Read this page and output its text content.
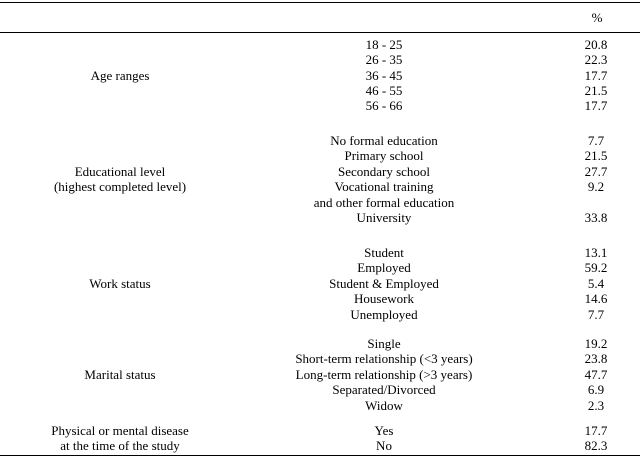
%
Age ranges
18 - 25	20.8
26 - 35	22.3
36 - 45	17.7
46 - 55	21.5
56 - 66	17.7
Educational level
(highest completed level)
No formal education	7.7
Primary school	21.5
Secondary school	27.7
Vocational training	9.2
and other formal education
University	33.8
Work status
Student	13.1
Employed	59.2
Student & Employed	5.4
Housework	14.6
Unemployed	7.7
Marital status
Single	19.2
Short-term relationship (<3 years)	23.8
Long-term relationship (>3 years)	47.7
Separated/Divorced	6.9
Widow	2.3
Physical or mental disease
at the time of the study
Yes	17.7
No	82.3
